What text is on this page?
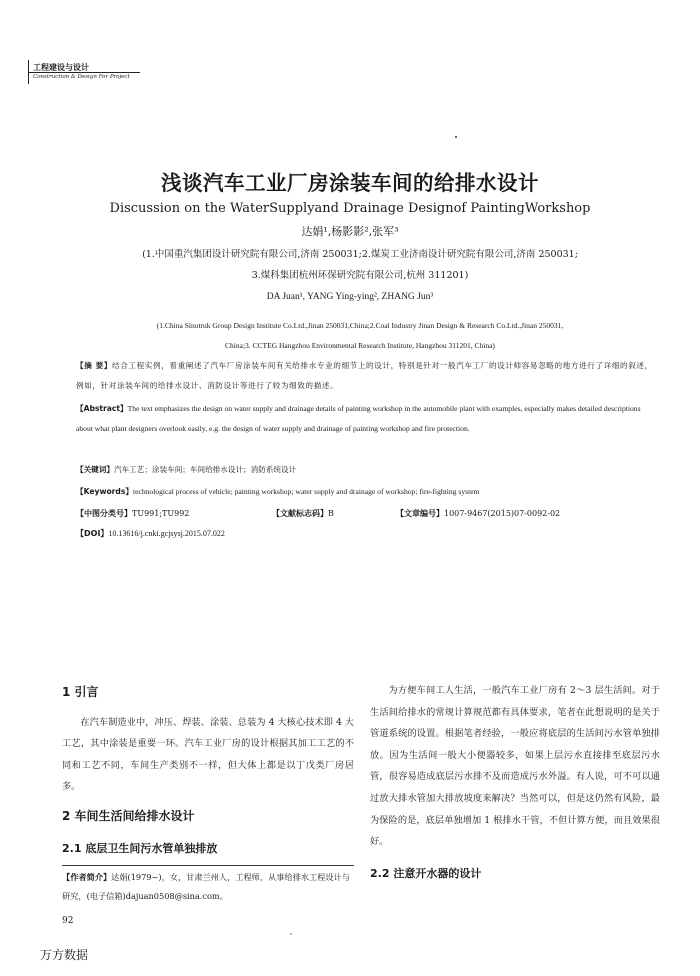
工程建设与设计
Construction & Design For Project
浅谈汽车工业厂房涂装车间的给排水设计
Discussion on the WaterSupplyand Drainage Designof PaintingWorkshop
达娟¹,杨影影²,张军³
(1.中国重汽集团设计研究院有限公司,济南 250031;2.煤炭工业济南设计研究院有限公司,济南 250031;
3.煤科集团杭州环保研究院有限公司,杭州 311201)
DA Juan¹, YANG Ying-ying², ZHANG Jun³
(1.China Sinotruk Group Design Institute Co.Ltd.,Jinan 250031,China;2.Coal Industry Jinan Design & Research Co.Ltd.,Jinan 250031,
China;3. CCTEG Hangzhou Environmental Research Institute, Hangzhou 311201, China)
【摘 要】结合工程实例，着重阐述了汽车厂房涂装车间有关给排水专业的细节上的设计，特别是针对一般汽车工厂的设计师容易忽略的地方进行了详细的叙述，例如，针对涂装车间的给排水设计、消防设计等进行了较为细致的描述。
【Abstract】The text emphasizes the design on water supply and drainage details of painting workshop in the automobile plant with examples, especially makes detailed descriptions about what plant designers overlook easily, e.g. the design of water supply and drainage of painting workshop and fire protection.
【关键词】汽车工艺；涂装车间；车间给排水设计；消防系统设计
【Keywords】technological process of vehicle; painting workshop; water supply and drainage of workshop; fire-fighting system
【中图分类号】TU991;TU992	【文献标志码】B	【文章编号】1007-9467(2015)07-0092-02
【DOI】10.13616/j.cnki.gcjsysj.2015.07.022
1 引言

在汽车制造业中，冲压、焊装、涂装、总装为 4 大核心技术即 4 大工艺，其中涂装是重要一环。汽车工业厂房的设计根据其加工工艺的不同和工艺不同，车间生产类别不一样，但大体上都是以丁戊类厂房居多。

2 车间生活间给排水设计
2.1 底层卫生间污水管单独排放
【作者简介】达娟(1979~)，女，甘肃兰州人，工程师，从事给排水工程设计与研究，(电子信箱)dajuan0508@sina.com。

为方便车间工人生活，一般汽车工业厂房有 2～3 层生活间。对于生活间给排水的常规计算规范都有具体要求，笔者在此想说明的是关于管道系统的设置。根据笔者经验，一般应将底层的生活间污水管单独排放。因为生活间一般大小便器较多，如果上层污水直接排至底层污水管，很容易造成底层污水排不及而造成污水外溢。有人说，可不可以通过放大排水管加大排放坡度来解决？当然可以，但是这仍然有风险，最为保险的是，底层单独增加 1 根排水干管，不但计算方便，而且效果很好。

2.2 注意开水器的设计
92
万方数据
